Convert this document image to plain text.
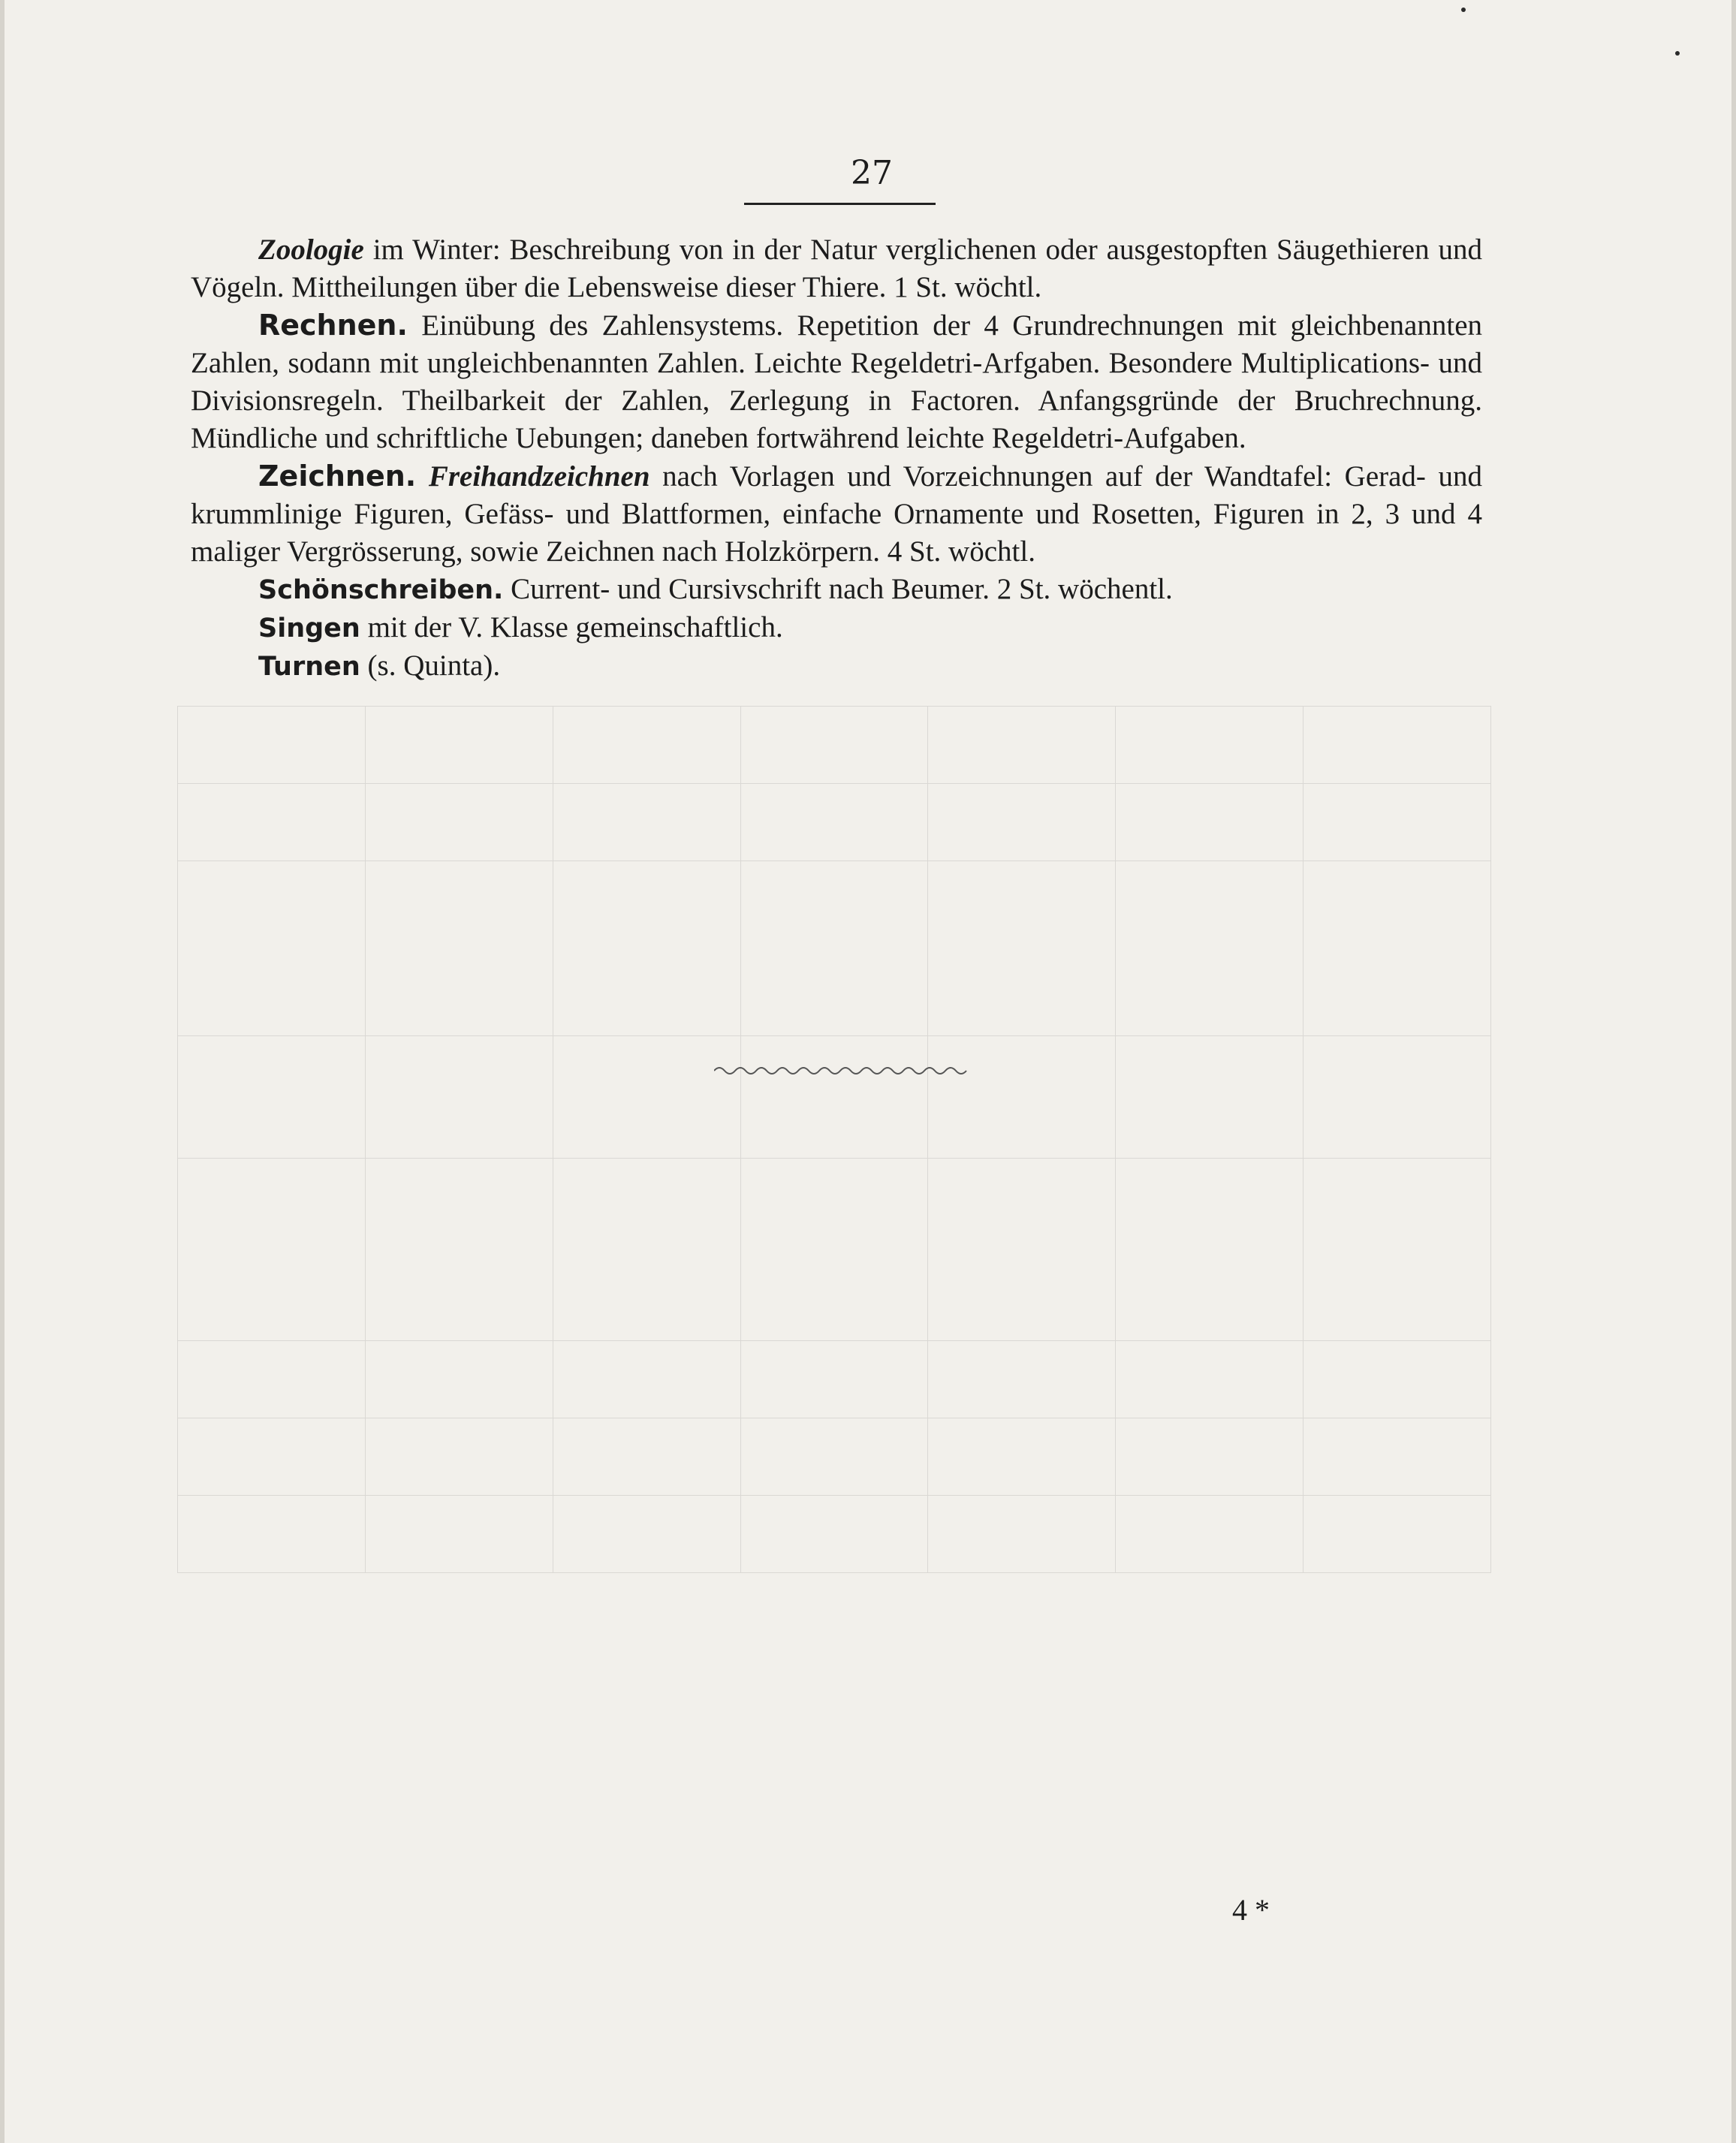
27

Zoologie im Winter: Beschreibung von in der Natur verglichenen oder ausgestopften Säugethieren und Vögeln. Mittheilungen über die Lebensweise dieser Thiere. 1 St. wöchtl.

Rechnen. Einübung des Zahlensystems. Repetition der 4 Grundrechnungen mit gleichbenannten Zahlen, sodann mit ungleichbenannten Zahlen. Leichte Regeldetri-Arfgaben. Besondere Multiplications- und Divisionsregeln. Theilbarkeit der Zahlen, Zerlegung in Factoren. Anfangsgründe der Bruchrechnung. Mündliche und schriftliche Uebungen; daneben fortwährend leichte Regeldetri-Aufgaben.

Zeichnen. Freihandzeichnen nach Vorlagen und Vorzeichnungen auf der Wandtafel: Gerad- und krummlinige Figuren, Gefäss- und Blattformen, einfache Ornamente und Rosetten, Figuren in 2, 3 und 4 maliger Vergrösserung, sowie Zeichnen nach Holzkörpern. 4 St. wöchtl.

Schönschreiben. Current- und Cursivschrift nach Beumer. 2 St. wöchentl.

Singen mit der V. Klasse gemeinschaftlich.

Turnen (s. Quinta).

4 *
